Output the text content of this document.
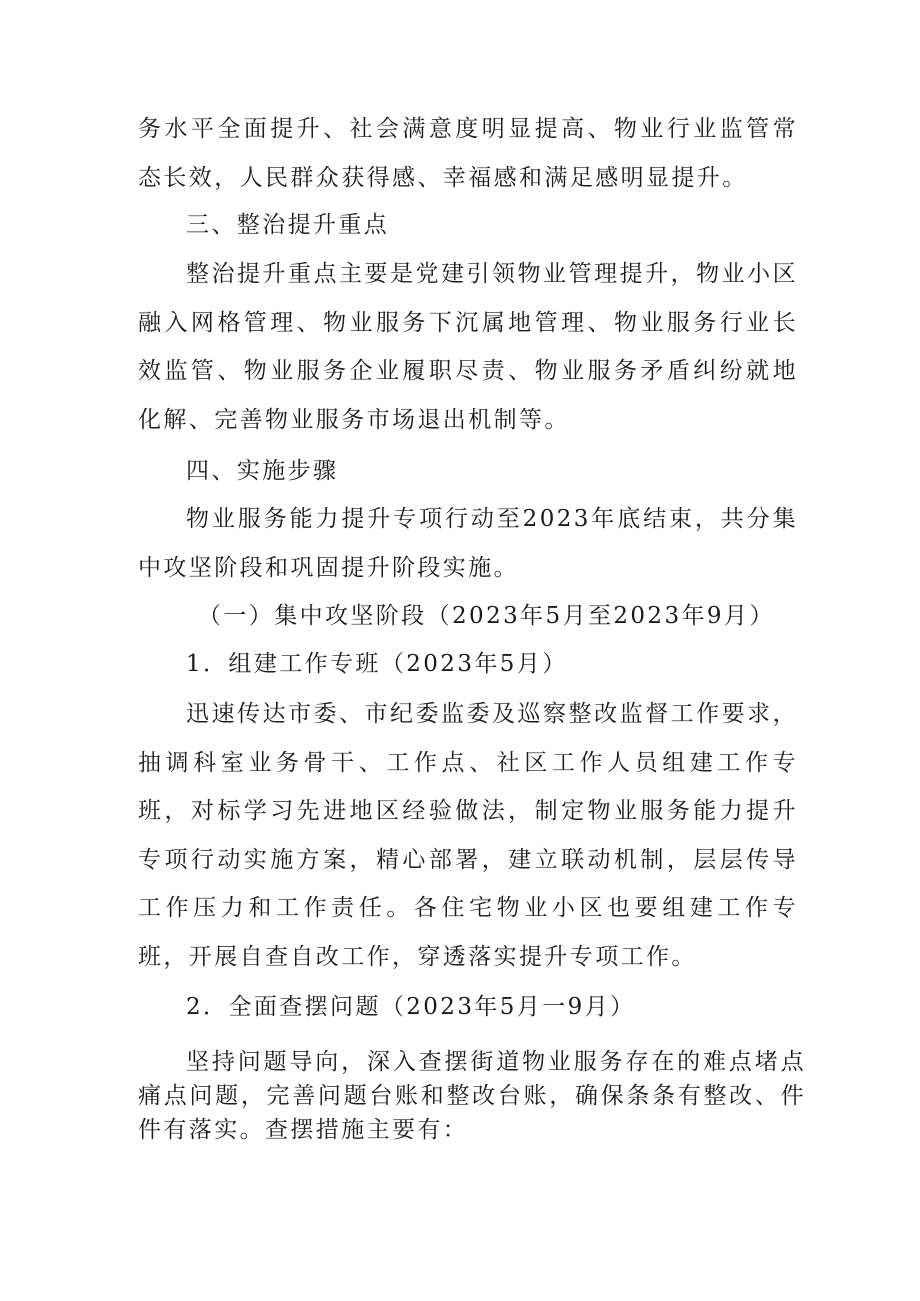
务水平全面提升、社会满意度明显提高、物业行业监管常态长效，人民群众获得感、幸福感和满足感明显提升。

三、整治提升重点

整治提升重点主要是党建引领物业管理提升，物业小区融入网格管理、物业服务下沉属地管理、物业服务行业长效监管、物业服务企业履职尽责、物业服务矛盾纠纷就地化解、完善物业服务市场退出机制等。

四、实施步骤

物业服务能力提升专项行动至2023年底结束，共分集中攻坚阶段和巩固提升阶段实施。

（一）集中攻坚阶段（2023年5月至2023年9月）

1．组建工作专班（2023年5月）

迅速传达市委、市纪委监委及巡察整改监督工作要求，抽调科室业务骨干、工作点、社区工作人员组建工作专班，对标学习先进地区经验做法，制定物业服务能力提升专项行动实施方案，精心部署，建立联动机制，层层传导工作压力和工作责任。各住宅物业小区也要组建工作专班，开展自查自改工作，穿透落实提升专项工作。

2．全面查摆问题（2023年5月一9月）

坚持问题导向，深入查摆街道物业服务存在的难点堵点痛点问题，完善问题台账和整改台账，确保条条有整改、件件有落实。查摆措施主要有：
